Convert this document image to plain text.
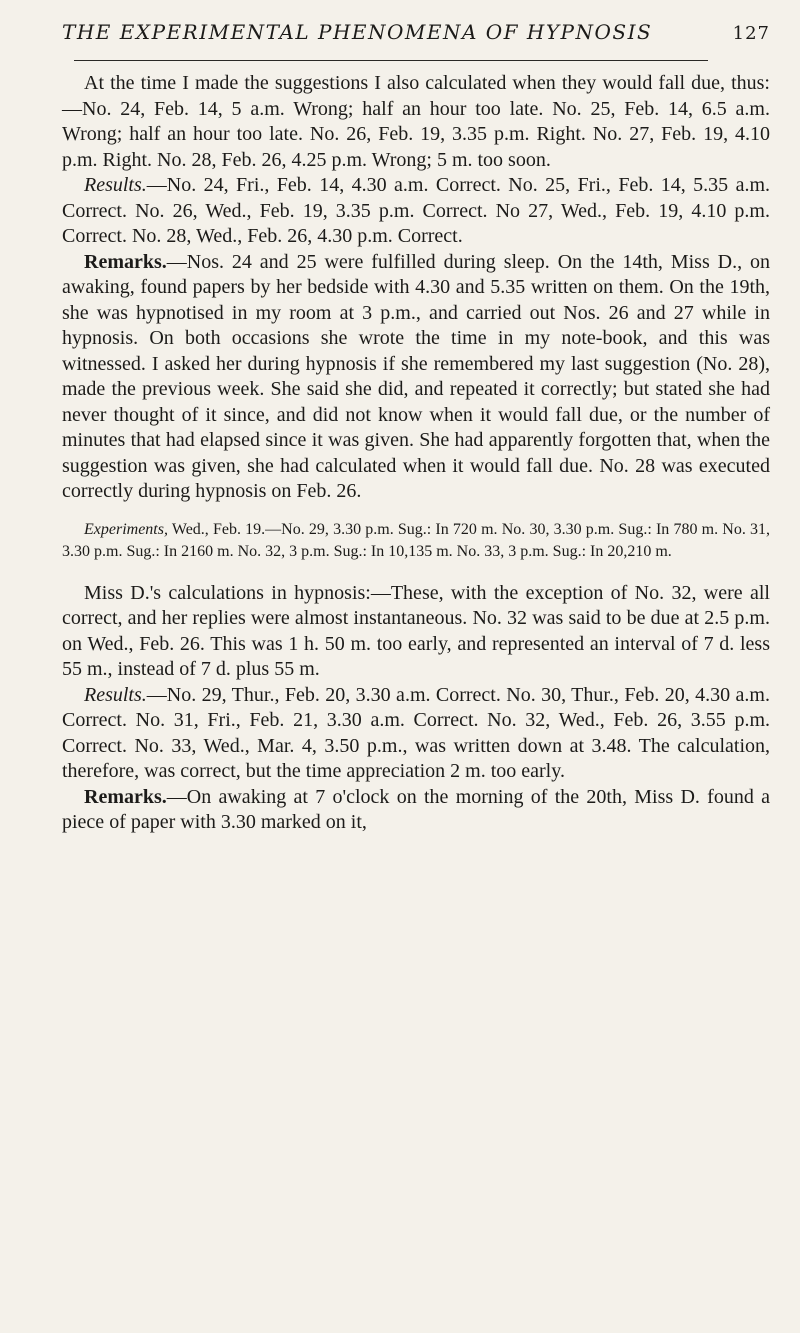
THE EXPERIMENTAL PHENOMENA OF HYPNOSIS	127

At the time I made the suggestions I also calculated when they would fall due, thus:—No. 24, Feb. 14, 5 a.m. Wrong; half an hour too late. No. 25, Feb. 14, 6.5 a.m. Wrong; half an hour too late. No. 26, Feb. 19, 3.35 p.m. Right. No. 27, Feb. 19, 4.10 p.m. Right. No. 28, Feb. 26, 4.25 p.m. Wrong; 5 m. too soon.

Results.—No. 24, Fri., Feb. 14, 4.30 a.m. Correct. No. 25, Fri., Feb. 14, 5.35 a.m. Correct. No. 26, Wed., Feb. 19, 3.35 p.m. Correct. No 27, Wed., Feb. 19, 4.10 p.m. Correct. No. 28, Wed., Feb. 26, 4.30 p.m. Correct.

Remarks.—Nos. 24 and 25 were fulfilled during sleep. On the 14th, Miss D., on awaking, found papers by her bedside with 4.30 and 5.35 written on them. On the 19th, she was hypnotised in my room at 3 p.m., and carried out Nos. 26 and 27 while in hypnosis. On both occasions she wrote the time in my note-book, and this was witnessed. I asked her during hypnosis if she remembered my last suggestion (No. 28), made the previous week. She said she did, and repeated it correctly; but stated she had never thought of it since, and did not know when it would fall due, or the number of minutes that had elapsed since it was given. She had apparently forgotten that, when the suggestion was given, she had calculated when it would fall due. No. 28 was executed correctly during hypnosis on Feb. 26.

Experiments, Wed., Feb. 19.—No. 29, 3.30 p.m. Sug.: In 720 m. No. 30, 3.30 p.m. Sug.: In 780 m. No. 31, 3.30 p.m. Sug.: In 2160 m. No. 32, 3 p.m. Sug.: In 10,135 m. No. 33, 3 p.m. Sug.: In 20,210 m.

Miss D.'s calculations in hypnosis:—These, with the exception of No. 32, were all correct, and her replies were almost instantaneous. No. 32 was said to be due at 2.5 p.m. on Wed., Feb. 26. This was 1 h. 50 m. too early, and represented an interval of 7 d. less 55 m., instead of 7 d. plus 55 m.

Results.—No. 29, Thur., Feb. 20, 3.30 a.m. Correct. No. 30, Thur., Feb. 20, 4.30 a.m. Correct. No. 31, Fri., Feb. 21, 3.30 a.m. Correct. No. 32, Wed., Feb. 26, 3.55 p.m. Correct. No. 33, Wed., Mar. 4, 3.50 p.m., was written down at 3.48. The calculation, therefore, was correct, but the time appreciation 2 m. too early.

Remarks.—On awaking at 7 o'clock on the morning of the 20th, Miss D. found a piece of paper with 3.30 marked on it,
